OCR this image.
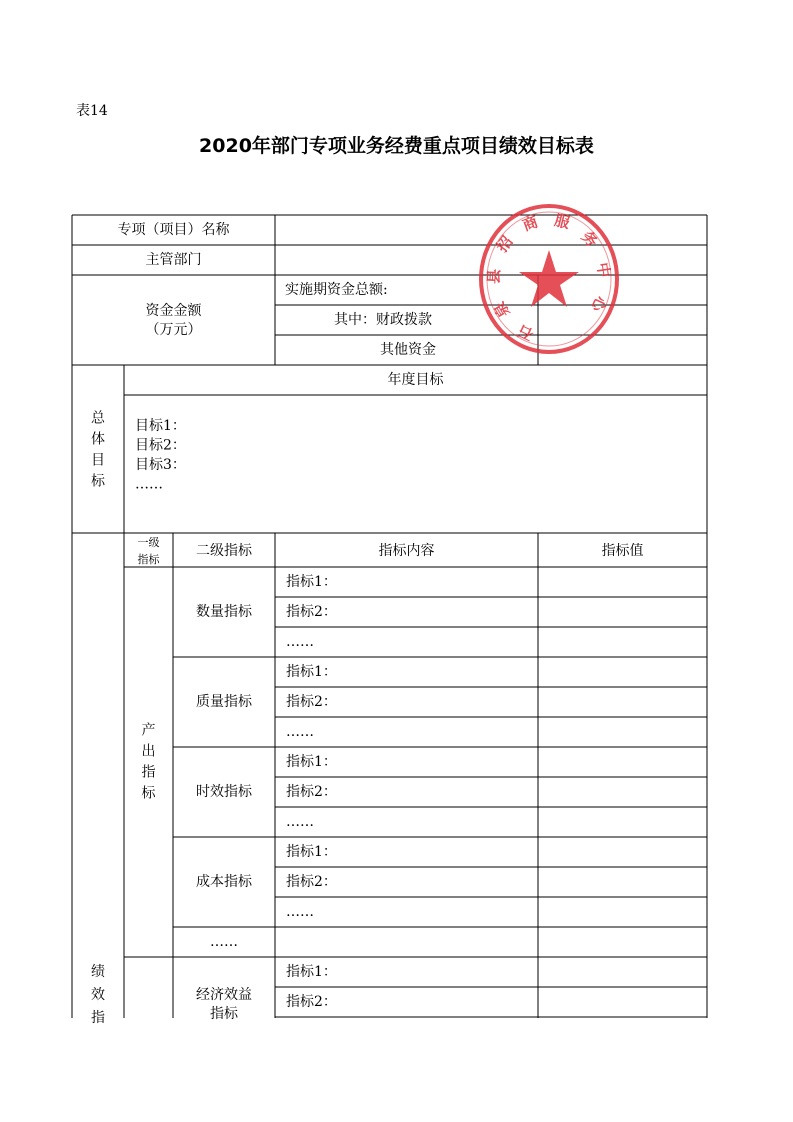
表14
2020年部门专项业务经费重点项目绩效目标表
专项（项目）名称
主管部门
资金金额
（万元）
实施期资金总额:
其中：财政拨款
其他资金
总
体
目
标
年度目标
目标1：
目标2：
目标3：
……
一级
指标
二级指标	指标内容	指标值
指标1：
指标2：
……
数量指标
指标1：
指标2：
……
质量指标
指标1：
指标2：
……
时效指标
指标1：
指标2：
……
成本指标
……
产
出
指
标
指标1：
指标2：
经济效益
指标
绩
效
指
石
泉
县
招
商 服
务
中
心
